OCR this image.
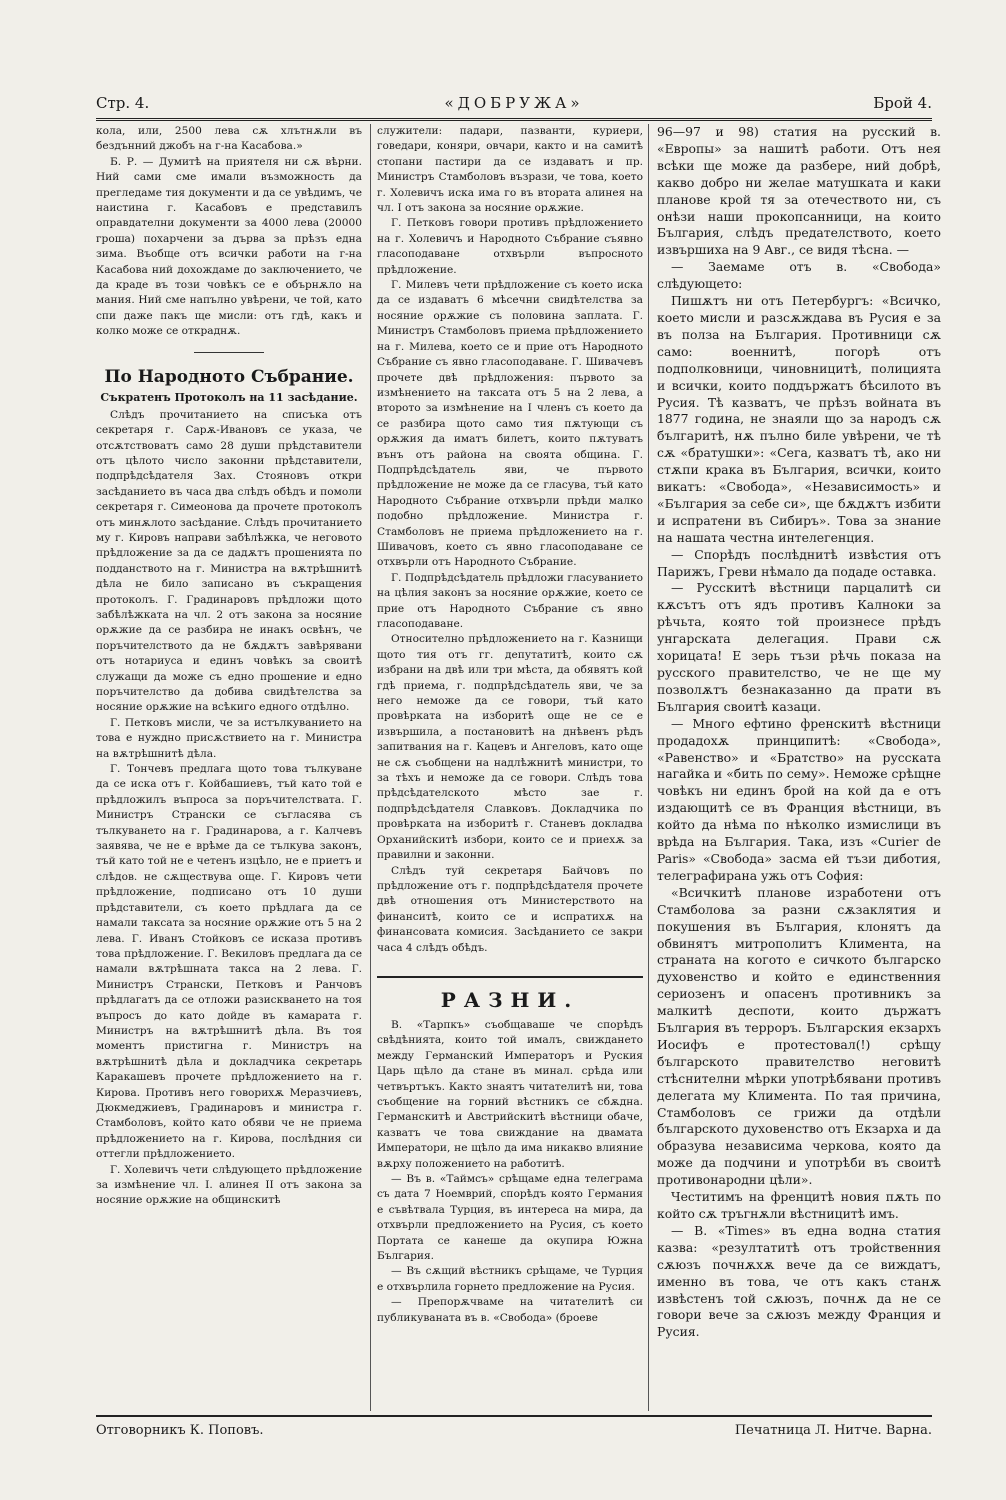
Стр. 4.	«ДОБРУЖА»	Брой 4.

кола, или, 2500 лева сѫ хлътнѫли въ бездънний джобъ на г-на Касабова.»

Б. Р. — Думитѣ на приятеля ни сѫ вѣрни. Ний сами сме имали възможность да прегледаме тия документи и да се увѣдимъ, че наистина г. Касабовъ е представилъ оправдателни документи за 4000 лева (20000 гроша) похарчени за дърва за прѣзъ една зима. Въобще отъ всички работи на г-на Касабова ний дохождаме до заключението, че да краде въ този човѣкъ се е обърнѫло на мания. Ний сме напълно увѣрени, че той, като спи даже пакъ ще мисли: отъ гдѣ, какъ и колко може се откраднѫ.

По Народното Събрание.
Съкратенъ Протоколъ на 11 засѣдание.

Слѣдъ прочитанието на списъка отъ секретаря г. Сарѫ-Ивановъ се указа, че отсѫтствоватъ само 28 души прѣдставители отъ цѣлото число законни прѣдставители, подпрѣдсѣдателя Зах. Стояновъ откри засѣданието въ часа два слѣдъ обѣдъ и помоли секретаря г. Симеонова да прочете протоколъ отъ минѫлото засѣдание. Слѣдъ прочитанието му г. Кировъ направи забѣлѣжка, че неговото прѣдложение за да се дадѫтъ прошенията по подданството на г. Министра на вѫтрѣшнитѣ дѣла не било записано въ съкращения протоколъ. Г. Градинаровъ прѣдложи щото забѣлѣжката на чл. 2 отъ закона за носяние орѫжие да се разбира не инакъ освѣнъ, че поръчителството да не бѫдѫтъ завѣрявани отъ нотариуса и единъ човѣкъ за своитѣ служащи да може съ едно прошение и едно поръчителство да добива свидѣтелства за носяние орѫжие на всѣкиго едного отдѣлно.

Г. Петковъ мисли, че за истълкуванието на това е нуждно присѫствието на г. Министра на вѫтрѣшнитѣ дѣла.

Г. Тончевъ предлага щото това тълкуване да се иска отъ г. Койбашиевъ, тъй като той е прѣдложилъ въпроса за поръчителствата. Г. Министръ Странски се съгласява съ тълкуването на г. Градинарова, а г. Калчевъ заявява, че не е врѣме да се тълкува законъ, тъй като той не е четенъ изцѣло, не е приетъ и слѣдов. не сѫществува още. Г. Кировъ чети прѣдложение, подписано отъ 10 души прѣдставители, съ което прѣдлага да се намали таксата за носяние орѫжие отъ 5 на 2 лева. Г. Иванъ Стойковъ се исказа противъ това прѣдложение. Г. Векиловъ предлага да се намали вѫтрѣшната такса на 2 лева. Г. Министръ Странски, Петковъ и Ранчовъ прѣдлагатъ да се отложи разискването на тоя въпросъ до като дойде въ камарата г. Министръ на вѫтрѣшнитѣ дѣла. Въ тоя моментъ пристигна г. Министръ на вѫтрѣшнитѣ дѣла и докладчика секретарь Каракашевъ прочете прѣдложението на г. Кирова. Противъ него говорихѫ Меразчиевъ, Дюкмеджиевъ, Градинаровъ и министра г. Стамболовъ, който като обяви че не приема прѣдложението на г. Кирова, послѣдния си оттегли прѣдложението.

Г. Холевичъ чети слѣдующето прѣдложение за измѣнение чл. I. алинея II отъ закона за носяние орѫжие на общинскитѣ

служители: падари, пазванти, куриери, говедари, коняри, овчари, както и на самитѣ стопани пастири да се издаватъ и пр. Министръ Стамболовъ възрази, че това, което г. Холевичъ иска има го въ втората алинея на чл. I отъ закона за носяние орѫжие.

Г. Петковъ говори противъ прѣдложението на г. Холевичъ и Народното Събрание съявно гласоподаване отхвърли въпросното прѣдложение.

Г. Милевъ чети прѣдложение съ което иска да се издаватъ 6 мѣсечни свидѣтелства за носяние орѫжие съ половина заплата. Г. Министръ Стамболовъ приема прѣдложението на г. Милева, което се и прие отъ Народното Събрание съ явно гласоподаване. Г. Шивачевъ прочете двѣ прѣдложения: първото за измѣнението на таксата отъ 5 на 2 лева, а второто за измѣнение на I членъ съ което да се разбира щото само тия пѫтующи съ орѫжия да иматъ билетъ, които пѫтуватъ вънъ отъ района на своята община. Г. Подпрѣдсѣдатель яви, че първото прѣдложение не може да се гласува, тъй като Народното Събрание отхвърли прѣди малко подобно прѣдложение. Министра г. Стамболовъ не приема прѣдложението на г. Шивачовъ, което съ явно гласоподаване се отхвърли отъ Народното Събрание.

Г. Подпрѣдсѣдатель прѣдложи гласуванието на цѣлия законъ за носяние орѫжие, което се прие отъ Народното Събрание съ явно гласоподаване.

Относително прѣдложението на г. Казнищи щото тия отъ гг. депутатитѣ, които сѫ избрани на двѣ или три мѣста, да обявятъ кой гдѣ приема, г. подпрѣдсѣдатель яви, че за него неможе да се говори, тъй като провѣрката на изборитѣ още не се е извършила, а постановитѣ на днѣвенъ рѣдъ запитвания на г. Кацевъ и Ангеловъ, като още не сѫ съобщени на надлѣжнитѣ министри, то за тѣхъ и неможе да се говори. Слѣдъ това прѣдсѣдателското мѣсто заe г. подпрѣдсѣдателя Славковъ. Докладчика по провѣрката на изборитѣ г. Станевъ докладва Орханийскитѣ избори, които се и приехѫ за правилни и законни.

Слѣдъ туй секретаря Байчовъ по прѣдложение отъ г. подпрѣдсѣдателя прочете двѣ отношения отъ Министерството на финанситѣ, които се и испратихѫ на финансовата комисия. Засѣданието се закри часа 4 слѣдъ обѣдъ.

РАЗНИ.

В. «Тарпкъ» съобщаваше че спорѣдъ свѣдѣнията, които той ималъ, свиждането между Германский Императоръ и Руския Царь щѣло да стане въ минал. срѣда или четвъртъкъ. Както знаятъ читателитѣ ни, това съобщение на горний вѣстникъ се сбѫдна. Германскитѣ и Австрийскитѣ вѣстници обаче, казватъ че това свиждание на двамата Императори, не щѣло да има никакво влияние вѫрху положението на работитѣ.

— Въ в. «Таймсъ» срѣщаме една телеграма съ дата 7 Ноемврий, спорѣдъ която Германия е съвѣтвала Турция, въ интереса на мира, да отхвърли предложението на Русия, съ което Портата се канеше да окупира Южна България.

— Въ сѫщий вѣстникъ срѣщаме, че Турция е отхвърлила горнето предложение на Русия.

— Препорѫчваме на читателитѣ си публикуваната въ в. «Свобода» (броеве

96—97 и 98) статия на русский в. «Европы» за нашитѣ работи. Отъ нея всѣки ще може да разбере, ний добрѣ, какво добро ни желае матушката и каки плановe крой тя за отечеството ни, съ онѣзи наши прокопсанници, на които България, слѣдъ предателството, което извършиха на 9 Авг., се видя тѣсна. —

— Заемаме отъ в. «Свобода» слѣдующето:

Пишѫтъ ни отъ Петербургъ: «Всичко, което мисли и разсѫждава въ Русия е за въ полза на България. Противници сѫ само: военнитѣ, погорѣ отъ подполковници, чиновницитѣ, полицията и всички, които поддържатъ бѣсилото въ Русия. Тѣ казватъ, че прѣзъ войната въ 1877 година, не знаяли що за народъ сѫ българитѣ, нѫ пълно биле увѣрени, че тѣ сѫ «братушки»: «Сега, казватъ тѣ, ако ни стѫпи крака въ България, всички, които викатъ: «Свобода», «Независимость» и «България за себе си», ще бѫдѫтъ избити и испратени въ Сибиръ». Това за знание на нашата честна интелегенция.

— Спорѣдъ послѣднитѣ извѣстия отъ Парижъ, Греви нѣмало да подаде оставка.

— Русскитѣ вѣстници парцалитѣ си кѫсътъ отъ ядъ противъ Калноки за рѣчьта, която той произнесе прѣдъ унгарската делегация. Прави сѫ хорицата! Е зерь тъзи рѣчь показа на русского правителство, че не ще му позволѫтъ безнаказанно да прати въ България своитѣ казаци.

— Много ефтино френскитѣ вѣстници продадохѫ принципитѣ: «Свобода», «Равенство» и «Братство» на русската нагайка и «бить по сему». Неможе срѣщне човѣкъ ни единъ брой на кой да е отъ издающитѣ се въ Франция вѣстници, въ който да нѣма по нѣколко измислици въ врѣда на България. Така, изъ «Curier de Paris» «Свобода» засма ей тъзи диботия, телеграфирана ужь отъ София:

«Всичкитѣ плановe изработени отъ Стамболова за разни сѫзаклятия и покушения въ България, клонятъ да обвинятъ митрополитъ Климента, на страната на когото е сичкото българско духовенство и който е единственния сериозенъ и опасенъ противникъ за малкитѣ деспоти, които държатъ България въ терроръ. Българския екзархъ Иосифъ е протестовал(!) срѣщу българското правителство неговитѣ стѣснителни мѣрки употрѣбявани противъ делегата му Климента. По тая причина, Стамболовъ се грижи да отдѣли българското духовенство отъ Екзарха и да образува независима черкова, която да може да подчини и употрѣби въ своитѣ противонародни цѣли».

Честитимъ на френцитѣ новия пѫть по който сѫ тръгнѫли вѣстницитѣ имъ.

— В. «Times» въ една водна статия казва: «резултатитѣ отъ тройственния сѫюзъ почнѫхѫ вече да се виждатъ, именно въ това, че отъ какъ станѫ извѣстенъ той сѫюзъ, почнѫ да не се говори вече за сѫюзъ между Франция и Русия.

Отговорникъ К. Поповъ.	Печатница Л. Нитче. Варна.
